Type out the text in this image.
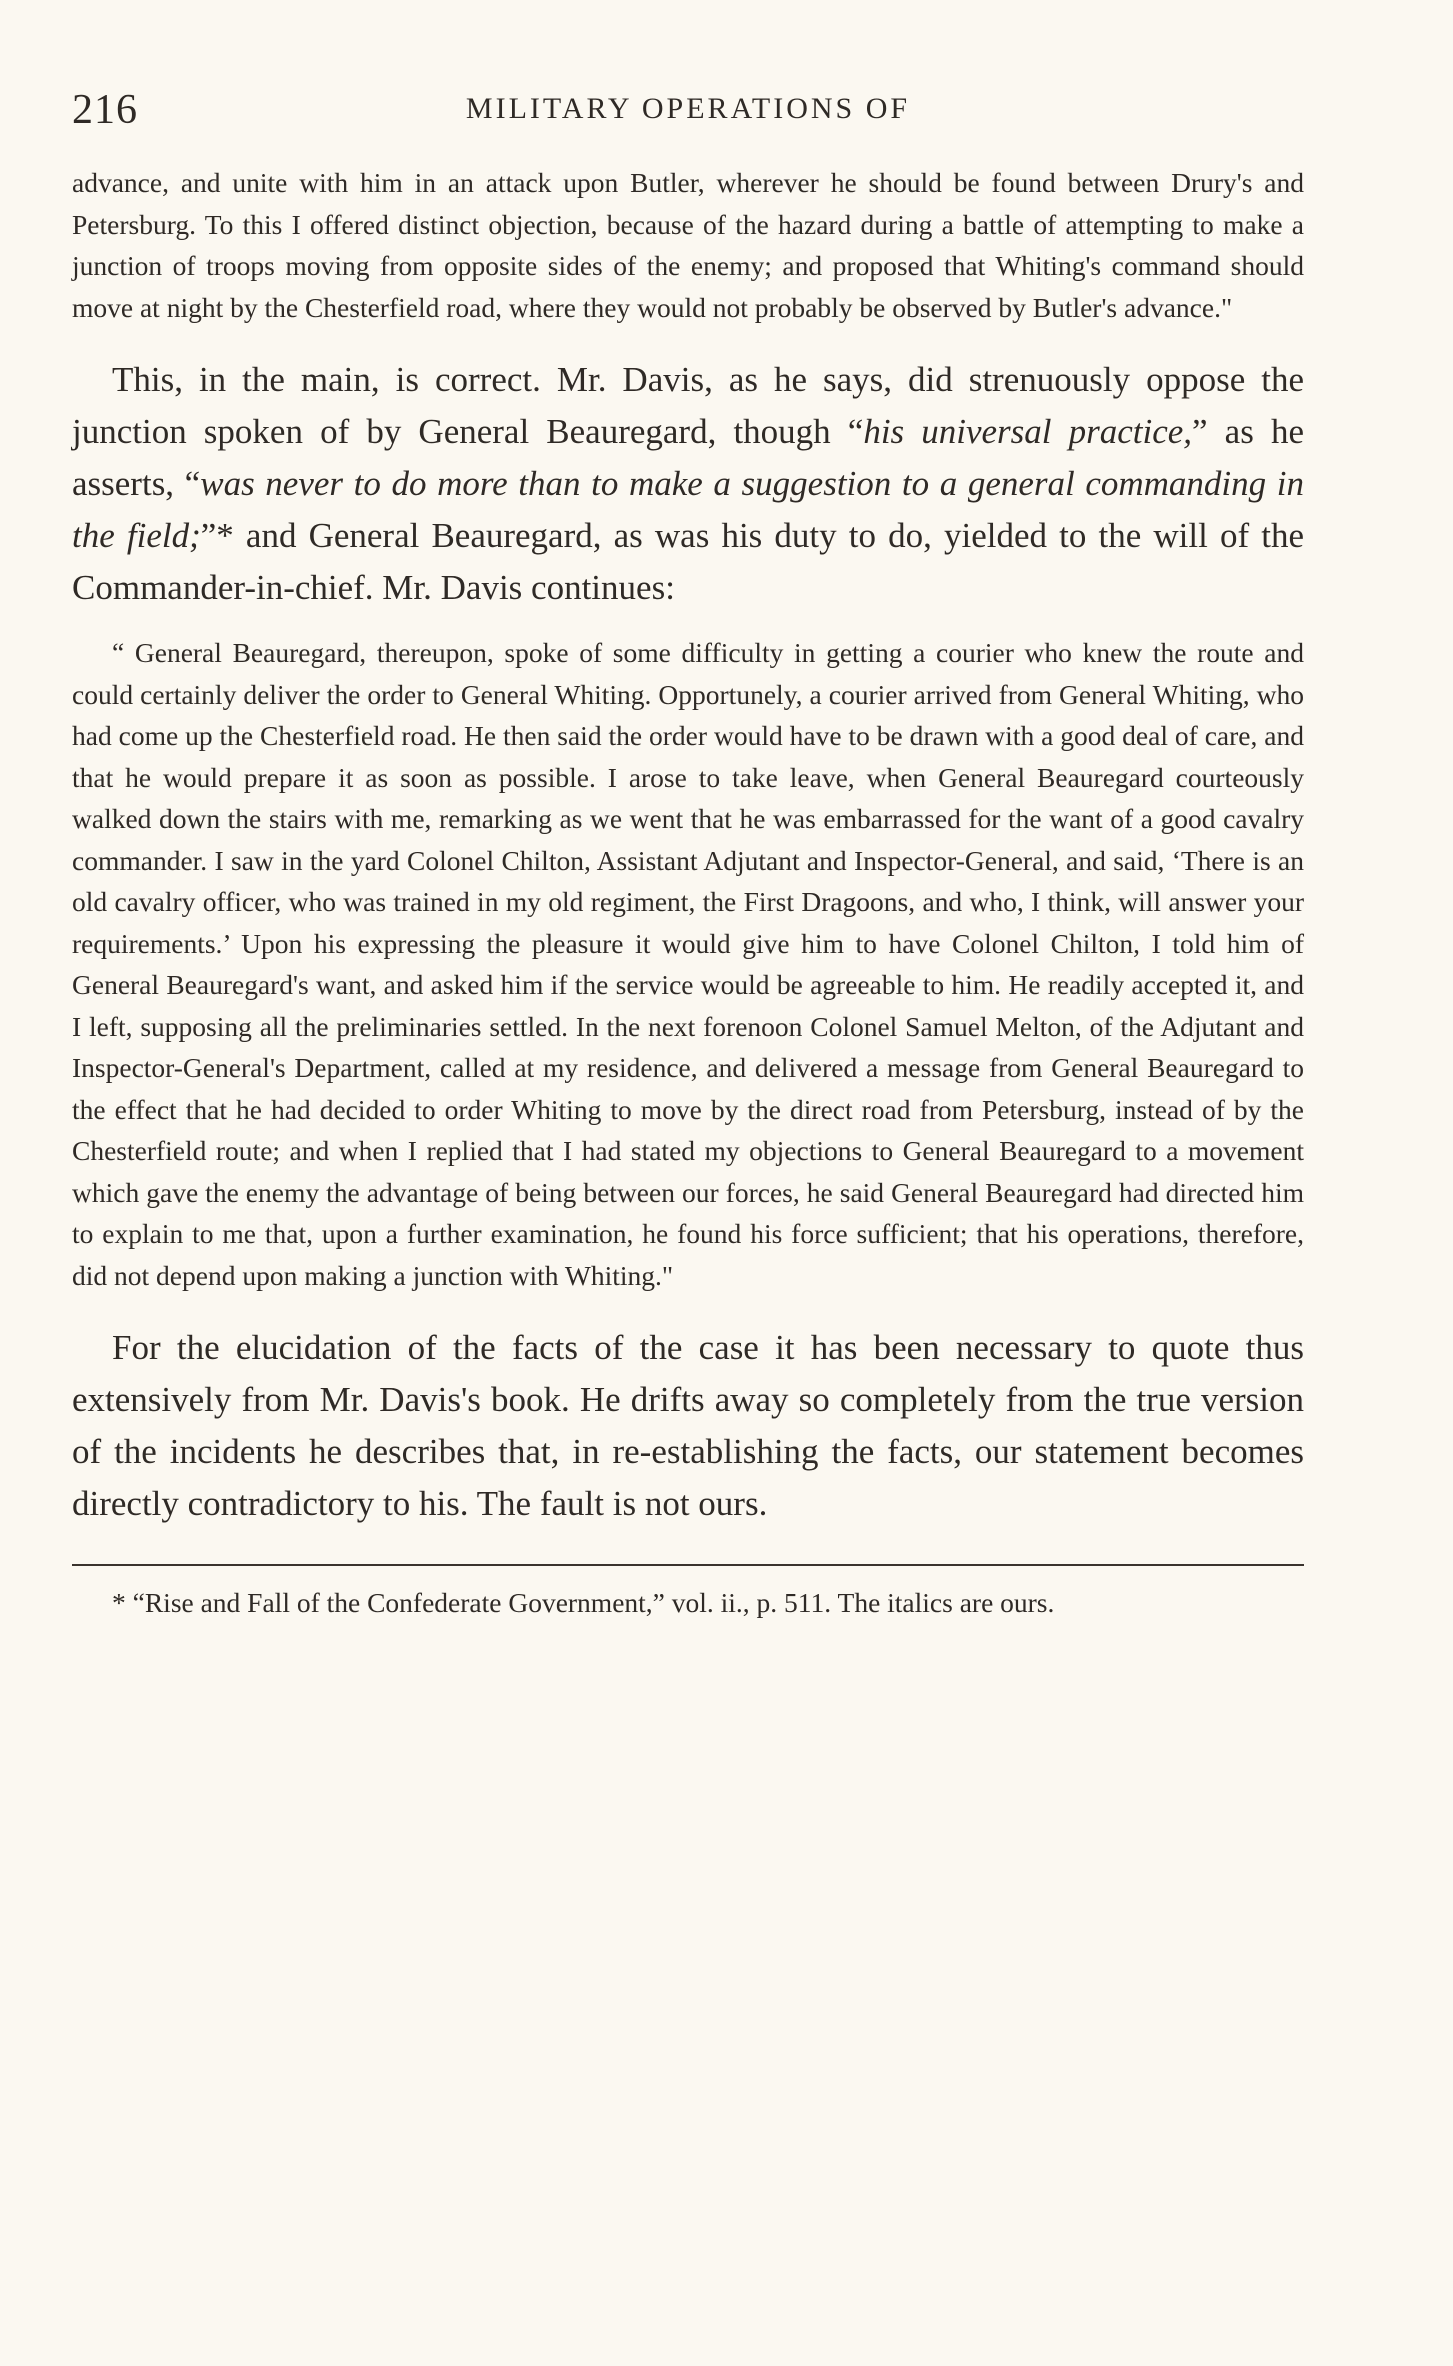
216	MILITARY OPERATIONS OF

advance, and unite with him in an attack upon Butler, wherever he should be found between Drury's and Petersburg. To this I offered distinct objection, because of the hazard during a battle of attempting to make a junction of troops moving from opposite sides of the enemy; and proposed that Whiting's command should move at night by the Chesterfield road, where they would not probably be observed by Butler's advance."

This, in the main, is correct. Mr. Davis, as he says, did strenuously oppose the junction spoken of by General Beauregard, though “his universal practice,” as he asserts, “was never to do more than to make a suggestion to a general commanding in the field;”* and General Beauregard, as was his duty to do, yielded to the will of the Commander-in-chief. Mr. Davis continues:

“ General Beauregard, thereupon, spoke of some difficulty in getting a courier who knew the route and could certainly deliver the order to General Whiting. Opportunely, a courier arrived from General Whiting, who had come up the Chesterfield road. He then said the order would have to be drawn with a good deal of care, and that he would prepare it as soon as possible. I arose to take leave, when General Beauregard courteously walked down the stairs with me, remarking as we went that he was embarrassed for the want of a good cavalry commander. I saw in the yard Colonel Chilton, Assistant Adjutant and Inspector-General, and said, ‘There is an old cavalry officer, who was trained in my old regiment, the First Dragoons, and who, I think, will answer your requirements.’ Upon his expressing the pleasure it would give him to have Colonel Chilton, I told him of General Beauregard's want, and asked him if the service would be agreeable to him. He readily accepted it, and I left, supposing all the preliminaries settled. In the next forenoon Colonel Samuel Melton, of the Adjutant and Inspector-General's Department, called at my residence, and delivered a message from General Beauregard to the effect that he had decided to order Whiting to move by the direct road from Petersburg, instead of by the Chesterfield route; and when I replied that I had stated my objections to General Beauregard to a movement which gave the enemy the advantage of being between our forces, he said General Beauregard had directed him to explain to me that, upon a further examination, he found his force sufficient; that his operations, therefore, did not depend upon making a junction with Whiting."

For the elucidation of the facts of the case it has been necessary to quote thus extensively from Mr. Davis's book. He drifts away so completely from the true version of the incidents he describes that, in re-establishing the facts, our statement becomes directly contradictory to his. The fault is not ours.

* “Rise and Fall of the Confederate Government,” vol. ii., p. 511. The italics are ours.
